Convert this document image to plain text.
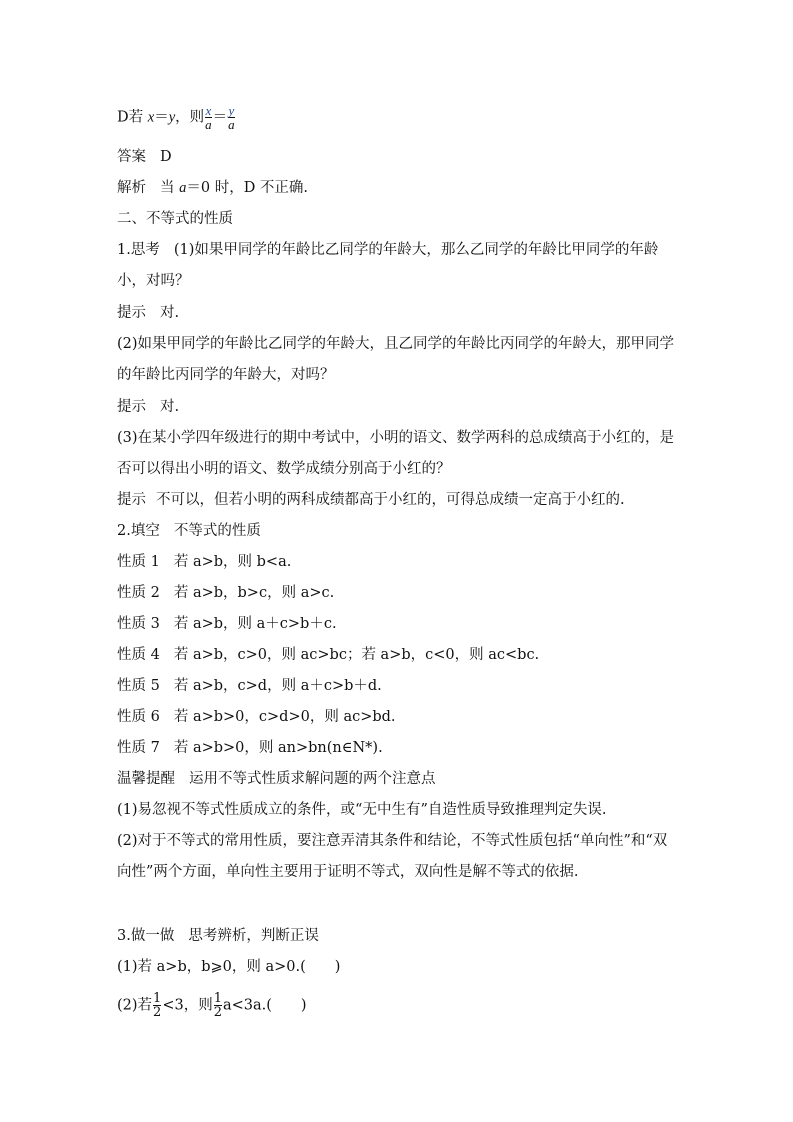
D若 x＝y，则 $\frac{x}{a} = \frac{y}{a}$
答案 D
解析 当 a＝0 时，D 不正确.
二、不等式的性质
1.思考 (1)如果甲同学的年龄比乙同学的年龄大，那么乙同学的年龄比甲同学的年龄小，对吗？
提示 对.
(2)如果甲同学的年龄比乙同学的年龄大，且乙同学的年龄比丙同学的年龄大，那甲同学的年龄比丙同学的年龄大，对吗？
提示 对.
(3)在某小学四年级进行的期中考试中，小明的语文、数学两科的总成绩高于小红的，是否可以得出小明的语文、数学成绩分别高于小红的？
提示 不可以，但若小明的两科成绩都高于小红的，可得总成绩一定高于小红的.
2.填空 不等式的性质
性质 1 若 a>b，则 b<a.
性质 2 若 a>b，b>c，则 a>c.
性质 3 若 a>b，则 a＋c>b＋c.
性质 4 若 a>b，c>0，则 ac>bc；若 a>b，c<0，则 ac<bc.
性质 5 若 a>b，c>d，则 a＋c>b＋d.
性质 6 若 a>b>0，c>d>0，则 ac>bd.
性质 7 若 a>b>0，则 an>bn(n∈N*).
温馨提醒 运用不等式性质求解问题的两个注意点
(1)易忽视不等式性质成立的条件，或“无中生有”自造性质导致推理判定失误.
(2)对于不等式的常用性质，要注意弄清其条件和结论，不等式性质包括“单向性”和“双向性”两个方面，单向性主要用于证明不等式，双向性是解不等式的依据.
3.做一做 思考辨析，判断正误
(1)若 a>b，b⩾0，则 a>0.(　　)
(2)若 $\frac{1}{2} <3$，则 $\frac{1}{2} a<3a$.(　　)
